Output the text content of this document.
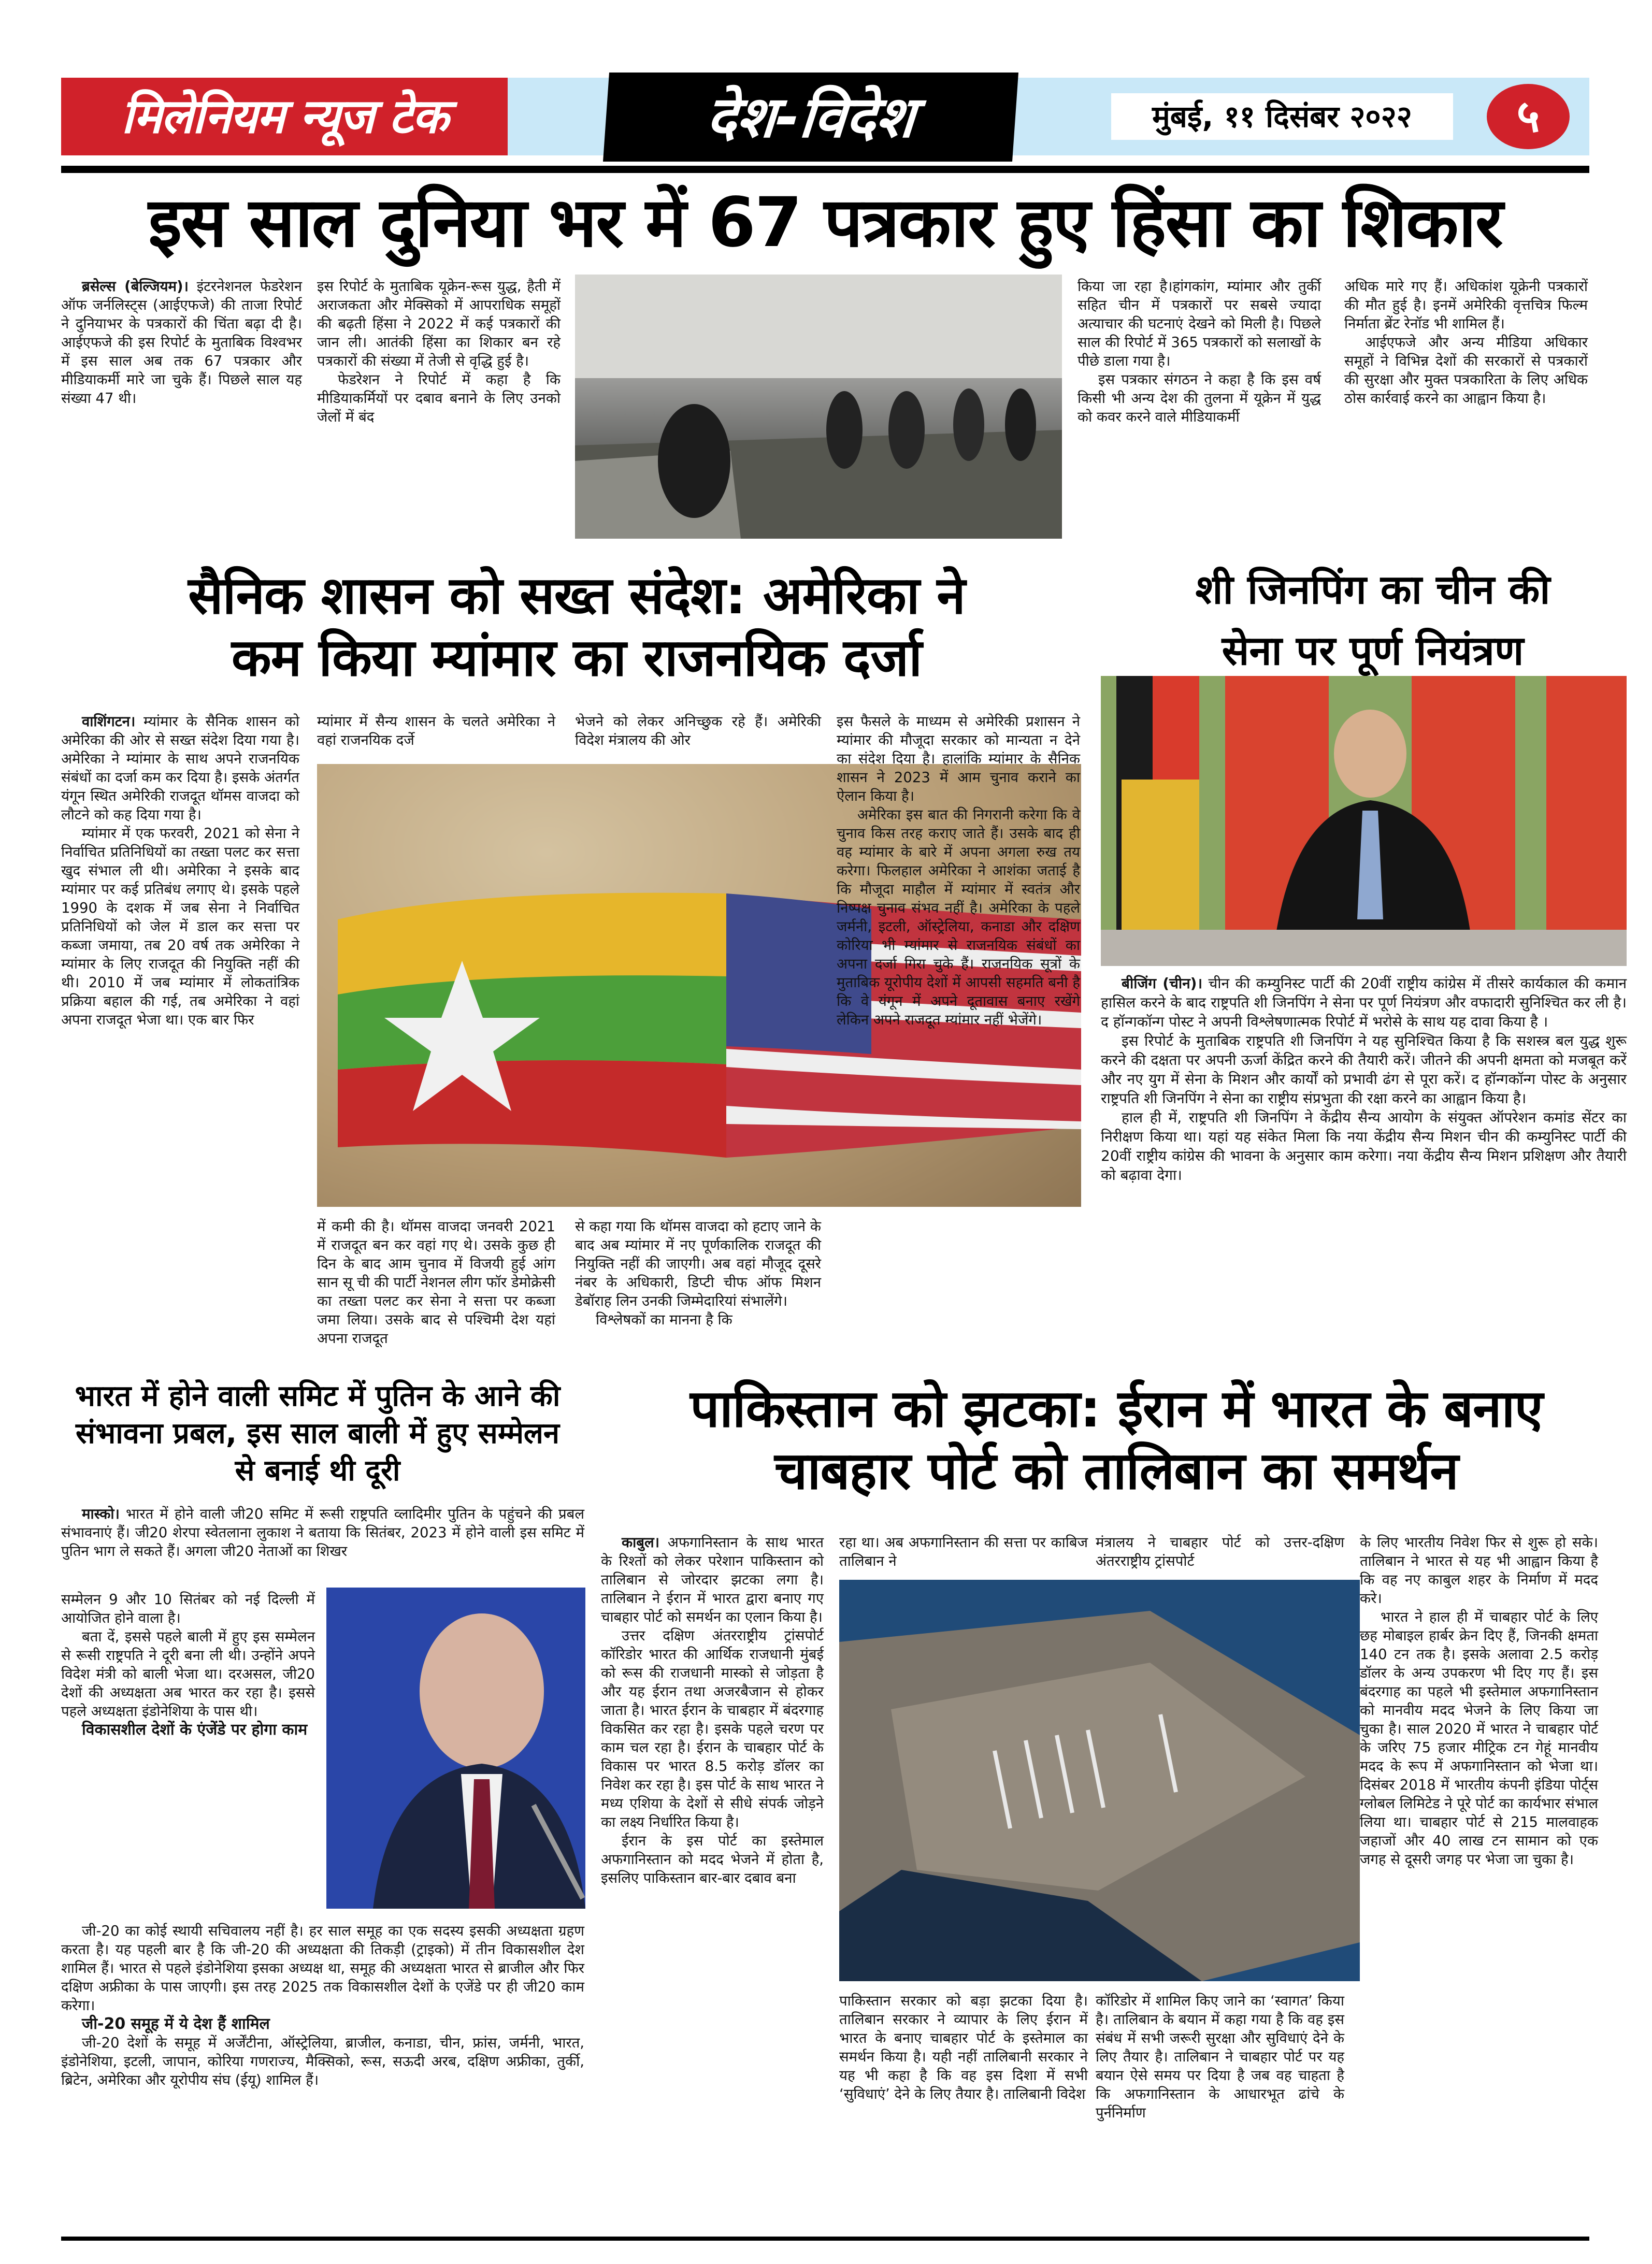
मिलेनियम न्यूज टेक	देश-विदेश	मुंबई, ११ दिसंबर २०२२	५
इस साल दुनिया भर में 67 पत्रकार हुए हिंसा का शिकार

ब्रसेल्स (बेल्जियम)। इंटरनेशनल फेडरेशन ऑफ जर्नलिस्ट्स (आईएफजे) की ताजा रिपोर्ट ने दुनियाभर के पत्रकारों की चिंता बढ़ा दी है। आईएफजे की इस रिपोर्ट के मुताबिक विश्वभर में इस साल अब तक 67 पत्रकार और मीडियाकर्मी मारे जा चुके हैं। पिछले साल यह संख्या 47 थी।

इस रिपोर्ट के मुताबिक यूक्रेन-रूस युद्ध, हैती में अराजकता और मेक्सिको में आपराधिक समूहों की बढ़ती हिंसा ने 2022 में कई पत्रकारों की जान ली। आतंकी हिंसा का शिकार बन रहे पत्रकारों की संख्या में तेजी से वृद्धि हुई है।

फेडरेशन ने रिपोर्ट में कहा है कि मीडियाकर्मियों पर दबाव बनाने के लिए उनको जेलों में बंद

किया जा रहा है।हांगकांग, म्यांमार और तुर्की सहित चीन में पत्रकारों पर सबसे ज्यादा अत्याचार की घटनाएं देखने को मिली है। पिछले साल की रिपोर्ट में 365 पत्रकारों को सलाखों के पीछे डाला गया है।

इस पत्रकार संगठन ने कहा है कि इस वर्ष किसी भी अन्य देश की तुलना में यूक्रेन में युद्ध को कवर करने वाले मीडियाकर्मी

अधिक मारे गए हैं। अधिकांश यूक्रेनी पत्रकारों की मौत हुई है। इनमें अमेरिकी वृत्तचित्र फिल्म निर्माता ब्रेंट रेनॉड भी शामिल हैं।

आईएफजे और अन्य मीडिया अधिकार समूहों ने विभिन्न देशों की सरकारों से पत्रकारों की सुरक्षा और मुक्त पत्रकारिता के लिए अधिक ठोस कार्रवाई करने का आह्वान किया है।

सैनिक शासन को सख्त संदेश: अमेरिका ने
कम किया म्यांमार का राजनयिक दर्जा

वाशिंगटन। म्यांमार के सैनिक शासन को अमेरिका की ओर से सख्त संदेश दिया गया है। अमेरिका ने म्यांमार के साथ अपने राजनयिक संबंधों का दर्जा कम कर दिया है। इसके अंतर्गत यंगून स्थित अमेरिकी राजदूत थॉमस वाजदा को लौटने को कह दिया गया है।

म्यांमार में एक फरवरी, 2021 को सेना ने निर्वाचित प्रतिनिधियों का तख्ता पलट कर सत्ता खुद संभाल ली थी। अमेरिका ने इसके बाद म्यांमार पर कई प्रतिबंध लगाए थे। इसके पहले 1990 के दशक में जब सेना ने निर्वाचित प्रतिनिधियों को जेल में डाल कर सत्ता पर कब्जा जमाया, तब 20 वर्ष तक अमेरिका ने म्यांमार के लिए राजदूत की नियुक्ति नहीं की थी। 2010 में जब म्यांमार में लोकतांत्रिक प्रक्रिया बहाल की गई, तब अमेरिका ने वहां अपना राजदूत भेजा था। एक बार फिर

म्यांमार में सैन्य शासन के चलते अमेरिका ने वहां राजनयिक दर्जे

भेजने को लेकर अनिच्छुक रहे हैं। अमेरिकी विदेश मंत्रालय की ओर

में कमी की है। थॉमस वाजदा जनवरी 2021 में राजदूत बन कर वहां गए थे। उसके कुछ ही दिन के बाद आम चुनाव में विजयी हुई आंग सान सू ची की पार्टी नेशनल लीग फॉर डेमोक्रेसी का तख्ता पलट कर सेना ने सत्ता पर कब्जा जमा लिया। उसके बाद से पश्चिमी देश यहां अपना राजदूत

से कहा गया कि थॉमस वाजदा को हटाए जाने के बाद अब म्यांमार में नए पूर्णकालिक राजदूत की नियुक्ति नहीं की जाएगी। अब वहां मौजूद दूसरे नंबर के अधिकारी, डिप्टी चीफ ऑफ मिशन डेबॉराह लिन उनकी जिम्मेदारियां संभालेंगे।

विश्लेषकों का मानना है कि

इस फैसले के माध्यम से अमेरिकी प्रशासन ने म्यांमार की मौजूदा सरकार को मान्यता न देने का संदेश दिया है। हालांकि म्यांमार के सैनिक शासन ने 2023 में आम चुनाव कराने का ऐलान किया है।

अमेरिका इस बात की निगरानी करेगा कि वे चुनाव किस तरह कराए जाते हैं। उसके बाद ही वह म्यांमार के बारे में अपना अगला रुख तय करेगा। फिलहाल अमेरिका ने आशंका जताई है कि मौजूदा माहौल में म्यांमार में स्वतंत्र और निष्पक्ष चुनाव संभव नहीं है। अमेरिका के पहले जर्मनी, इटली, ऑस्ट्रेलिया, कनाडा और दक्षिण कोरिया भी म्यांमार से राजनयिक संबंधों का अपना दर्जा गिरा चुके हैं। राजनयिक सूत्रों के मुताबिक यूरोपीय देशों में आपसी सहमति बनी है कि वे यंगून में अपने दूतावास बनाए रखेंगे लेकिन अपने राजदूत म्यांमार नहीं भेजेंगे।

शी जिनपिंग का चीन की
सेना पर पूर्ण नियंत्रण

बीजिंग (चीन)। चीन की कम्युनिस्ट पार्टी की 20वीं राष्ट्रीय कांग्रेस में तीसरे कार्यकाल की कमान हासिल करने के बाद राष्ट्रपति शी जिनपिंग ने सेना पर पूर्ण नियंत्रण और वफादारी सुनिश्चित कर ली है। द हॉन्गकॉन्ग पोस्ट ने अपनी विश्लेषणात्मक रिपोर्ट में भरोसे के साथ यह दावा किया है ।

इस रिपोर्ट के मुताबिक राष्ट्रपति शी जिनपिंग ने यह सुनिश्चित किया है कि सशस्त्र बल युद्ध शुरू करने की दक्षता पर अपनी ऊर्जा केंद्रित करने की तैयारी करें। जीतने की अपनी क्षमता को मजबूत करें और नए युग में सेना के मिशन और कार्यों को प्रभावी ढंग से पूरा करें। द हॉन्गकॉन्ग पोस्ट के अनुसार राष्ट्रपति शी जिनपिंग ने सेना का राष्ट्रीय संप्रभुता की रक्षा करने का आह्वान किया है।

हाल ही में, राष्ट्रपति शी जिनपिंग ने केंद्रीय सैन्य आयोग के संयुक्त ऑपरेशन कमांड सेंटर का निरीक्षण किया था। यहां यह संकेत मिला कि नया केंद्रीय सैन्य मिशन चीन की कम्युनिस्ट पार्टी की 20वीं राष्ट्रीय कांग्रेस की भावना के अनुसार काम करेगा। नया केंद्रीय सैन्य मिशन प्रशिक्षण और तैयारी को बढ़ावा देगा।

भारत में होने वाली समिट में पुतिन के आने की संभावना प्रबल, इस साल बाली में हुए सम्मेलन से बनाई थी दूरी

मास्को। भारत में होने वाली जी20 समिट में रूसी राष्ट्रपति व्लादिमीर पुतिन के पहुंचने की प्रबल संभावनाएं हैं। जी20 शेरपा स्वेतलाना लुकाश ने बताया कि सितंबर, 2023 में होने वाली इस समिट में पुतिन भाग ले सकते हैं। अगला जी20 नेताओं का शिखर

सम्मेलन 9 और 10 सितंबर को नई दिल्ली में आयोजित होने वाला है।

बता दें, इससे पहले बाली में हुए इस सम्मेलन से रूसी राष्ट्रपति ने दूरी बना ली थी। उन्होंने अपने विदेश मंत्री को बाली भेजा था। दरअसल, जी20 देशों की अध्यक्षता अब भारत कर रहा है। इससे पहले अध्यक्षता इंडोनेशिया के पास थी।

विकासशील देशों के एंजेंडे पर होगा काम

जी-20 का कोई स्थायी सचिवालय नहीं है। हर साल समूह का एक सदस्य इसकी अध्यक्षता ग्रहण करता है। यह पहली बार है कि जी-20 की अध्यक्षता की तिकड़ी (ट्राइको) में तीन विकासशील देश शामिल हैं। भारत से पहले इंडोनेशिया इसका अध्यक्ष था, समूह की अध्यक्षता भारत से ब्राजील और फिर दक्षिण अफ्रीका के पास जाएगी। इस तरह 2025 तक विकासशील देशों के एजेंडे पर ही जी20 काम करेगा।

जी-20 समूह में ये देश हैं शामिल

जी-20 देशों के समूह में अर्जेंटीना, ऑस्ट्रेलिया, ब्राजील, कनाडा, चीन, फ्रांस, जर्मनी, भारत, इंडोनेशिया, इटली, जापान, कोरिया गणराज्य, मैक्सिको, रूस, सऊदी अरब, दक्षिण अफ्रीका, तुर्की, ब्रिटेन, अमेरिका और यूरोपीय संघ (ईयू) शामिल हैं।

पाकिस्तान को झटका: ईरान में भारत के बनाए
चाबहार पोर्ट को तालिबान का समर्थन

काबुल। अफगानिस्तान के साथ भारत के रिश्तों को लेकर परेशान पाकिस्तान को तालिबान से जोरदार झटका लगा है। तालिबान ने ईरान में भारत द्वारा बनाए गए चाबहार पोर्ट को समर्थन का एलान किया है।

उत्तर दक्षिण अंतरराष्ट्रीय ट्रांसपोर्ट कॉरिडोर भारत की आर्थिक राजधानी मुंबई को रूस की राजधानी मास्को से जोड़ता है और यह ईरान तथा अजरबैजान से होकर जाता है। भारत ईरान के चाबहार में बंदरगाह विकसित कर रहा है। इसके पहले चरण पर काम चल रहा है। ईरान के चाबहार पोर्ट के विकास पर भारत 8.5 करोड़ डॉलर का निवेश कर रहा है। इस पोर्ट के साथ भारत ने मध्य एशिया के देशों से सीधे संपर्क जोड़ने का लक्ष्य निर्धारित किया है।

ईरान के इस पोर्ट का इस्तेमाल अफगानिस्तान को मदद भेजने में होता है, इसलिए पाकिस्तान बार-बार दबाव बना

रहा था। अब अफगानिस्तान की सत्ता पर काबिज तालिबान ने

मंत्रालय ने चाबहार पोर्ट को उत्तर-दक्षिण अंतरराष्ट्रीय ट्रांसपोर्ट

पाकिस्तान सरकार को बड़ा झटका दिया है। तालिबान सरकार ने व्यापार के लिए ईरान में भारत के बनाए चाबहार पोर्ट के इस्तेमाल का समर्थन किया है। यही नहीं तालिबानी सरकार ने यह भी कहा है कि वह इस दिशा में सभी ‘सुविधाएं’ देने के लिए तैयार है। तालिबानी विदेश

कॉरिडोर में शामिल किए जाने का ‘स्वागत’ किया है। तालिबान के बयान में कहा गया है कि वह इस संबंध में सभी जरूरी सुरक्षा और सुविधाएं देने के लिए तैयार है। तालिबान ने चाबहार पोर्ट पर यह बयान ऐसे समय पर दिया है जब वह चाहता है कि अफगानिस्तान के आधारभूत ढांचे के पुर्ननिर्माण

के लिए भारतीय निवेश फिर से शुरू हो सके। तालिबान ने भारत से यह भी आह्वान किया है कि वह नए काबुल शहर के निर्माण में मदद करे।

भारत ने हाल ही में चाबहार पोर्ट के लिए छह मोबाइल हार्बर क्रेन दिए हैं, जिनकी क्षमता 140 टन तक है। इसके अलावा 2.5 करोड़ डॉलर के अन्य उपकरण भी दिए गए हैं। इस बंदरगाह का पहले भी इस्तेमाल अफगानिस्तान को मानवीय मदद भेजने के लिए किया जा चुका है। साल 2020 में भारत ने चाबहार पोर्ट के जरिए 75 हजार मीट्रिक टन गेहूं मानवीय मदद के रूप में अफगानिस्तान को भेजा था। दिसंबर 2018 में भारतीय कंपनी इंडिया पोर्ट्स ग्लोबल लिमिटेड ने पूरे पोर्ट का कार्यभार संभाल लिया था। चाबहार पोर्ट से 215 मालवाहक जहाजों और 40 लाख टन सामान को एक जगह से दूसरी जगह पर भेजा जा चुका है।
